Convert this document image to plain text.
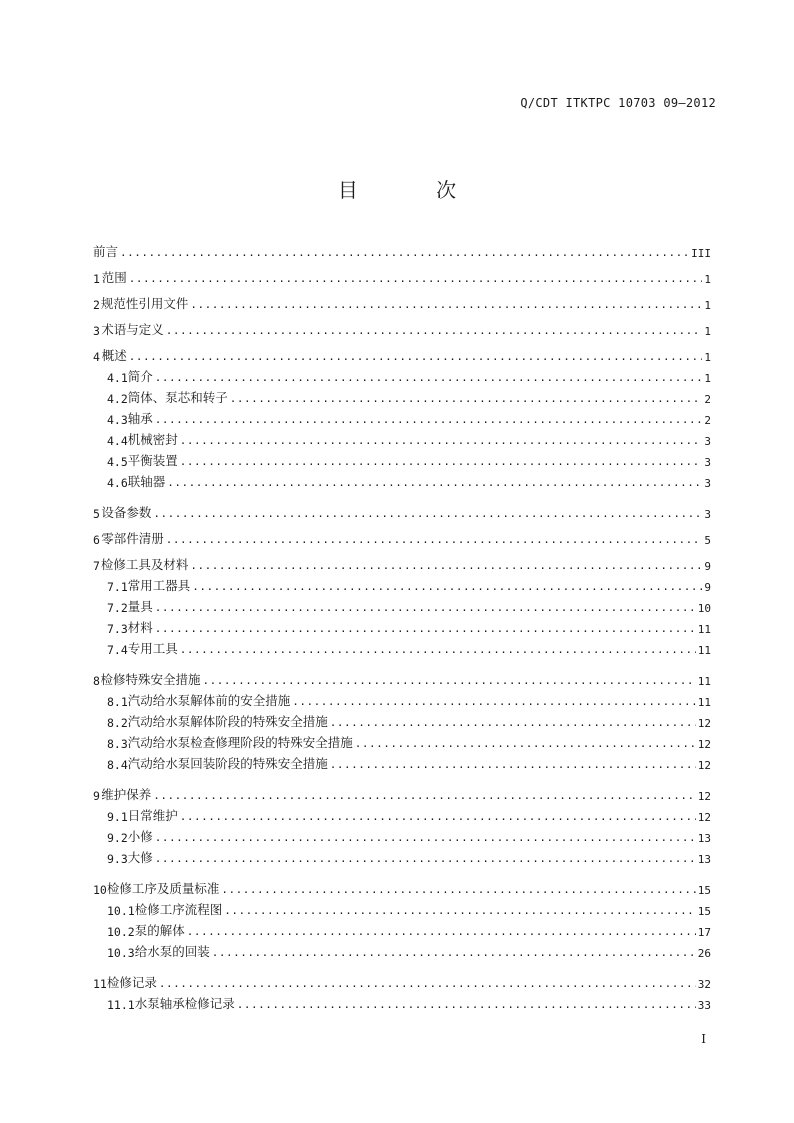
Q/CDT ITKTPC 10703 09—2012
目 次
前言 .....	III
1 范围 .....	1
2 规范性引用文件 .....	1
3 术语与定义 .....	1
4 概述 .....	1
4.1 简介 .....	1
4.2 筒体、泵芯和转子 .....	2
4.3 轴承 .....	2
4.4 机械密封 .....	3
4.5 平衡装置 .....	3
4.6 联轴器 .....	3
5 设备参数 .....	3
6 零部件清册 .....	5
7 检修工具及材料 .....	9
7.1 常用工器具 .....	9
7.2 量具 .....	10
7.3 材料 .....	11
7.4 专用工具 .....	11
8 检修特殊安全措施 .....	11
8.1 汽动给水泵解体前的安全措施 .....	11
8.2 汽动给水泵解体阶段的特殊安全措施 .....	12
8.3 汽动给水泵检查修理阶段的特殊安全措施 .....	12
8.4 汽动给水泵回装阶段的特殊安全措施 .....	12
9 维护保养 .....	12
9.1 日常维护 .....	12
9.2 小修 .....	13
9.3 大修 .....	13
10 检修工序及质量标准 .....	15
10.1 检修工序流程图 .....	15
10.2 泵的解体 .....	17
10.3 给水泵的回装 .....	26
11 检修记录 .....	32
11.1 水泵轴承检修记录 .....	33
I
